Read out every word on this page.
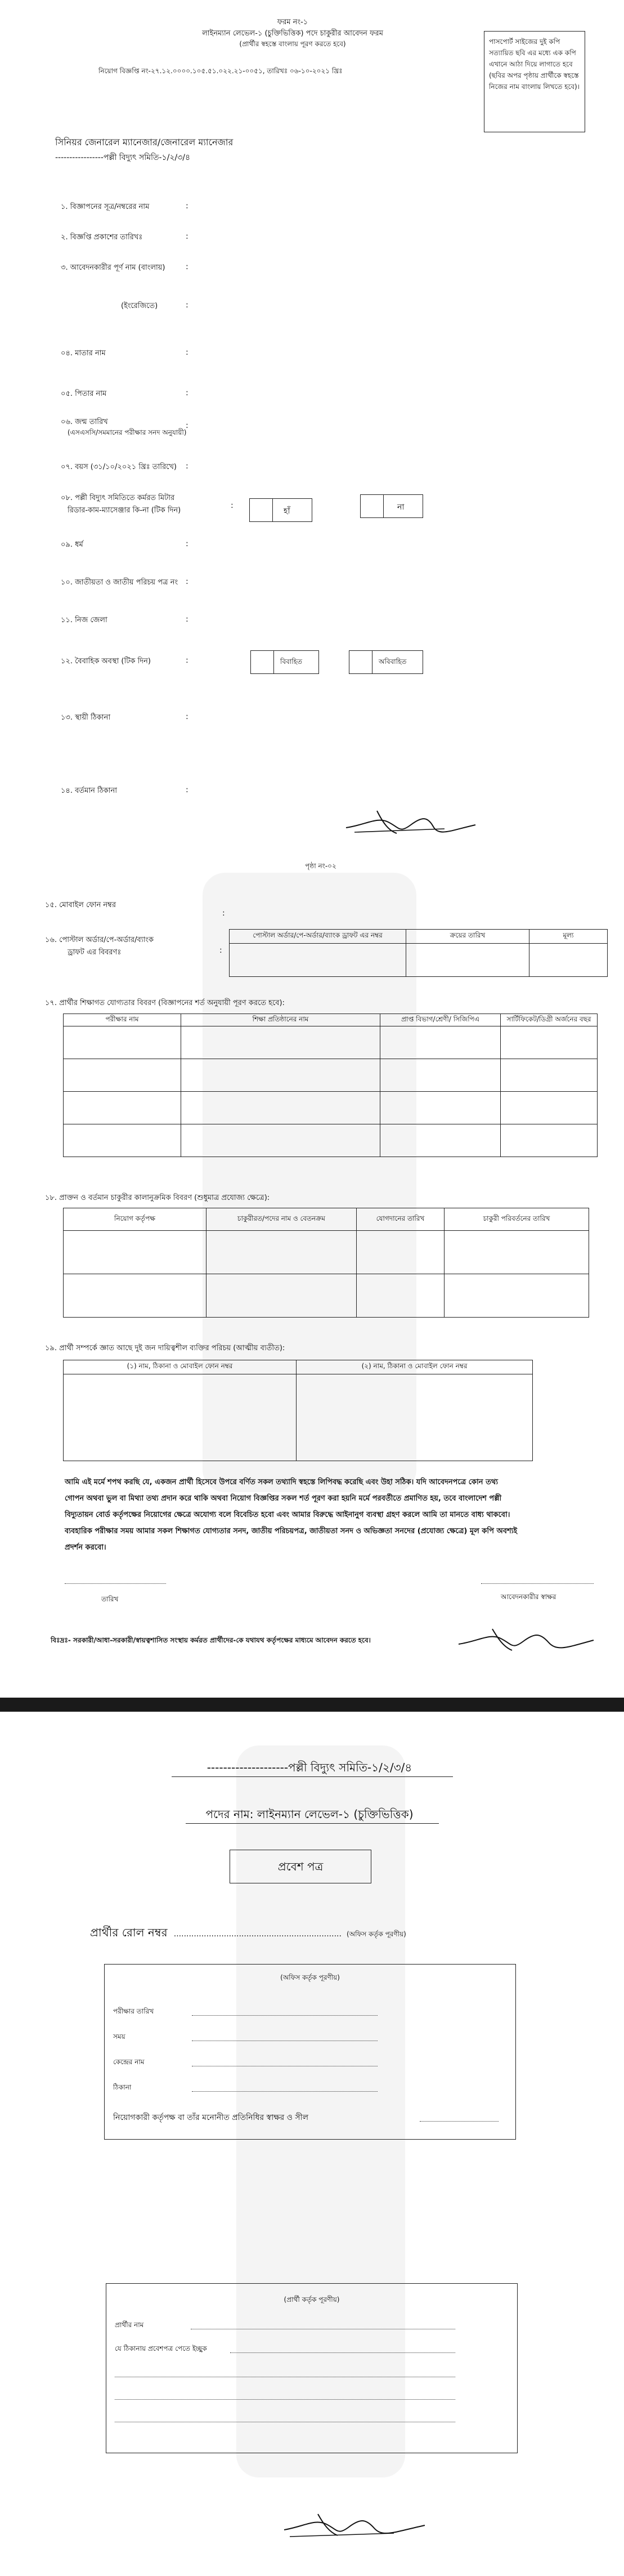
ফরম নং-১
লাইনম্যান লেভেল-১ (চুক্তিভিত্তিক) পদে চাকুরীর আবেদন ফরম
(প্রার্থীর স্বহস্তে বাংলায় পূরণ করতে হবে)
নিয়োগ বিজ্ঞপ্তি নং-২৭.১২.০০০০.১০৫.৫১.০২২.২১-০০৫১, তারিখঃ ০৬-১০-২০২১ খ্রিঃ
পাসপোর্ট সাইজের দুই কপি সত্যায়িত ছবি এর মধ্যে এক কপি এখানে আঠা দিয়ে লাগাতে হবে (ছবির অপর পৃষ্ঠায় প্রার্থীকে স্বহস্তে নিজের নাম বাংলায় লিখতে হবে)।
সিনিয়র জেনারেল ম্যানেজার/জেনারেল ম্যানেজার
-----------------পল্লী বিদ্যুৎ সমিতি-১/২/৩/৪
১. বিজ্ঞাপনের সূত্র/নম্বরের নাম	:
২. বিজ্ঞপ্তি প্রকাশের তারিখঃ	:
৩. আবেদনকারীর পূর্ণ নাম (বাংলায়)	:
(ইংরেজিতে)	:
০৪. মাতার নাম	:
০৫. পিতার নাম	:
০৬. জন্ম তারিখ
(এসএসসি/সমমানের পরীক্ষার সনদ অনুযায়ী)
:
০৭. বয়স (৩১/১০/২০২১ খ্রিঃ তারিখে) :
০৮. পল্লী বিদ্যুৎ সমিতিতে কর্মরত মিটার
রিডার-কাম-ম্যাসেঞ্জার কি-না (টিক দিন)
:
হাঁ	না
০৯. ধর্ম	:
১০. জাতীয়তা ও জাতীয় পরিচয় পত্র নং :
১১. নিজ জেলা	:
১২. বৈবাহিক অবস্থা (টিক দিন)	:	বিবাহিত	অবিবাহিত
১৩. স্থায়ী ঠিকানা	:
১৪. বর্তমান ঠিকানা	:
পৃষ্ঠা নং-০২
১৫. মোবাইল ফোন নম্বর
:
১৬. পোস্টাল অর্ডার/পে-অর্ডার/ব্যাংক
ড্রাফট এর বিবরণঃ	:
পোস্টাল অর্ডার/পে-অর্ডার/ব্যাংক ড্রাফট এর নম্বর	ক্রয়ের তারিখ	মূল্য

১৭. প্রার্থীর শিক্ষাগত যোগ্যতার বিবরণ (বিজ্ঞাপনের শর্ত অনুযায়ী পূরণ করতে হবে):
পরীক্ষার নাম	শিক্ষা প্রতিষ্ঠানের নাম	প্রাপ্ত বিভাগ/শ্রেণী/ সিজিপিএ	সার্টিফিকেট/ডিগ্রী অর্জনের বছর

১৮. প্রাক্তন ও বর্তমান চাকুরীর কালানুক্রমিক বিবরণ (শুধুমাত্র প্রযোজ্য ক্ষেত্রে):
নিয়োগ কর্তৃপক্ষ	চাকুরীরত/পদের নাম ও বেতনক্রম	যোগদানের তারিখ	চাকুরী পরিবর্তনের তারিখ

১৯. প্রার্থী সম্পর্কে জ্ঞাত আছে দুই জন দায়িত্বশীল ব্যক্তির পরিচয় (আত্মীয় ব্যতীত):
(১) নাম, ঠিকানা ও মোবাইল ফোন নম্বর	(২) নাম, ঠিকানা ও মোবাইল ফোন নম্বর

আমি এই মর্মে শপথ করছি যে, একজন প্রার্থী হিসেবে উপরে বর্ণিত সকল তথ্যাদি স্বহস্তে লিপিবদ্ধ করেছি এবং উহা সঠিক। যদি আবেদনপত্রে কোন তথ্য
গোপন অথবা ভুল বা মিথ্যা তথ্য প্রদান করে থাকি অথবা নিয়োগ বিজ্ঞপ্তির সকল শর্ত পূরণ করা হয়নি মর্মে পরবর্তীতে প্রমাণিত হয়, তবে বাংলাদেশ পল্লী
বিদ্যুতায়ন বোর্ড কর্তৃপক্ষের নিয়োগের ক্ষেত্রে অযোগ্য বলে বিবেচিত হবো এবং আমার বিরুদ্ধে আইনানুগ ব্যবস্থা গ্রহণ করলে আমি তা মানতে বাধ্য থাকবো।
ব্যবহারিক পরীক্ষার সময় আমার সকল শিক্ষাগত যোগ্যতার সনদ, জাতীয় পরিচয়পত্র, জাতীয়তা সনদ ও অভিজ্ঞতা সনদের (প্রযোজ্য ক্ষেত্রে) মূল কপি অবশ্যই
প্রদর্শন করবো।
তারিখ	আবেদনকারীর স্বাক্ষর
বিঃদ্রঃ- সরকারী/আধা-সরকারী/স্বায়ত্বশাসিত সংস্থায় কর্মরত প্রার্থীদের-কে যথাযথ কর্তৃপক্ষের মাধ্যমে আবেদন করতে হবে।
--------------------পল্লী বিদ্যুৎ সমিতি-১/২/৩/৪
পদের নাম: লাইনম্যান লেভেল-১ (চুক্তিভিত্তিক)
প্রবেশ পত্র
প্রার্থীর রোল নম্বর ................................................................... (অফিস কর্তৃক পূরণীয়)
(অফিস কর্তৃক পূরণীয়)
পরীক্ষার তারিখ
সময়
কেন্দ্রের নাম
ঠিকানা
নিয়োগকারী কর্তৃপক্ষ বা তাঁর মনোনীত প্রতিনিধির স্বাক্ষর ও সীল
(প্রার্থী কর্তৃক পূরণীয়)
প্রার্থীর নাম
যে ঠিকানায় প্রবেশপত্র পেতে ইচ্ছুক
